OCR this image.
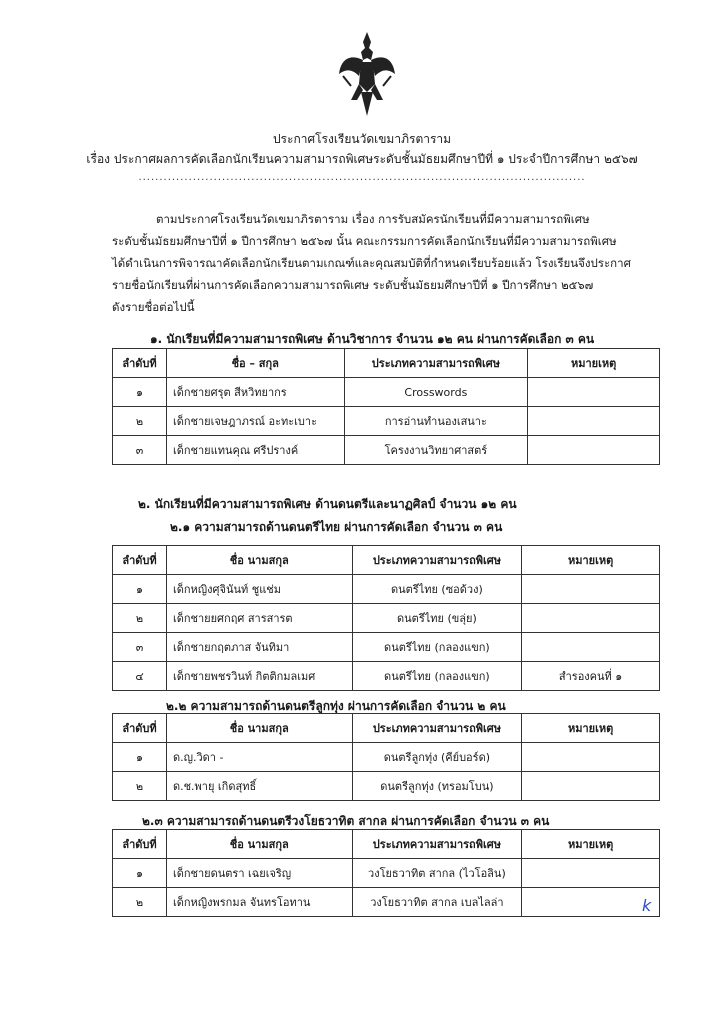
ประกาศโรงเรียนวัดเขมาภิรตาราม
เรื่อง ประกาศผลการคัดเลือกนักเรียนความสามารถพิเศษระดับชั้นมัธยมศึกษาปีที่ ๑ ประจำปีการศึกษา ๒๕๖๗
...........................................................................................................

ตามประกาศโรงเรียนวัดเขมาภิรตาราม เรื่อง การรับสมัครนักเรียนที่มีความสามารถพิเศษ

ระดับชั้นมัธยมศึกษาปีที่ ๑ ปีการศึกษา ๒๕๖๗ นั้น คณะกรรมการคัดเลือกนักเรียนที่มีความสามารถพิเศษ

ได้ดำเนินการพิจารณาคัดเลือกนักเรียนตามเกณฑ์และคุณสมบัติที่กำหนดเรียบร้อยแล้ว โรงเรียนจึงประกาศ

รายชื่อนักเรียนที่ผ่านการคัดเลือกความสามารถพิเศษ ระดับชั้นมัธยมศึกษาปีที่ ๑ ปีการศึกษา ๒๕๖๗

ดังรายชื่อต่อไปนี้

๑. นักเรียนที่มีความสามารถพิเศษ ด้านวิชาการ จำนวน ๑๒ คน ผ่านการคัดเลือก ๓ คน
ลำดับที่	ชื่อ – สกุล	ประเภทความสามารถพิเศษ	หมายเหตุ
๑	เด็กชายศรุต สีหวิทยากร	Crosswords	
๒	เด็กชายเจษฎาภรณ์ อะทะเบาะ	การอ่านทำนองเสนาะ	
๓	เด็กชายแทนคุณ ศรีปรางค์	โครงงานวิทยาศาสตร์	
๒. นักเรียนที่มีความสามารถพิเศษ ด้านดนตรีและนาฏศิลป์ จำนวน ๑๒ คน
๒.๑ ความสามารถด้านดนตรีไทย ผ่านการคัดเลือก จำนวน ๓ คน
ลำดับที่	ชื่อ นามสกุล	ประเภทความสามารถพิเศษ	หมายเหตุ
๑	เด็กหญิงศุจินันท์ ชูแช่ม	ดนตรีไทย (ซอด้วง)	
๒	เด็กชายยศกฤศ สารสารต	ดนตรีไทย (ขลุ่ย)	
๓	เด็กชายกฤตภาส จันทิมา	ดนตรีไทย (กลองแขก)	
๔	เด็กชายพชรวินท์ กิตติกมลเมศ	ดนตรีไทย (กลองแขก)	สำรองคนที่ ๑
๒.๒ ความสามารถด้านดนตรีลูกทุ่ง ผ่านการคัดเลือก จำนวน ๒ คน
ลำดับที่	ชื่อ นามสกุล	ประเภทความสามารถพิเศษ	หมายเหตุ
๑	ด.ญ.วิดา -	ดนตรีลูกทุ่ง (คีย์บอร์ด)	
๒	ด.ช.พายุ เกิดสุทธิ์	ดนตรีลูกทุ่ง (ทรอมโบน)	
๒.๓ ความสามารถด้านดนตรีวงโยธวาทิต สากล ผ่านการคัดเลือก จำนวน ๓ คน
ลำดับที่	ชื่อ นามสกุล	ประเภทความสามารถพิเศษ	หมายเหตุ
๑	เด็กชายดนตรา เฉยเจริญ	วงโยธวาทิต สากล (ไวโอลิน)	
๒	เด็กหญิงพรกมล จันทรโอทาน	วงโยธวาทิต สากล เบลไลล่า		k
